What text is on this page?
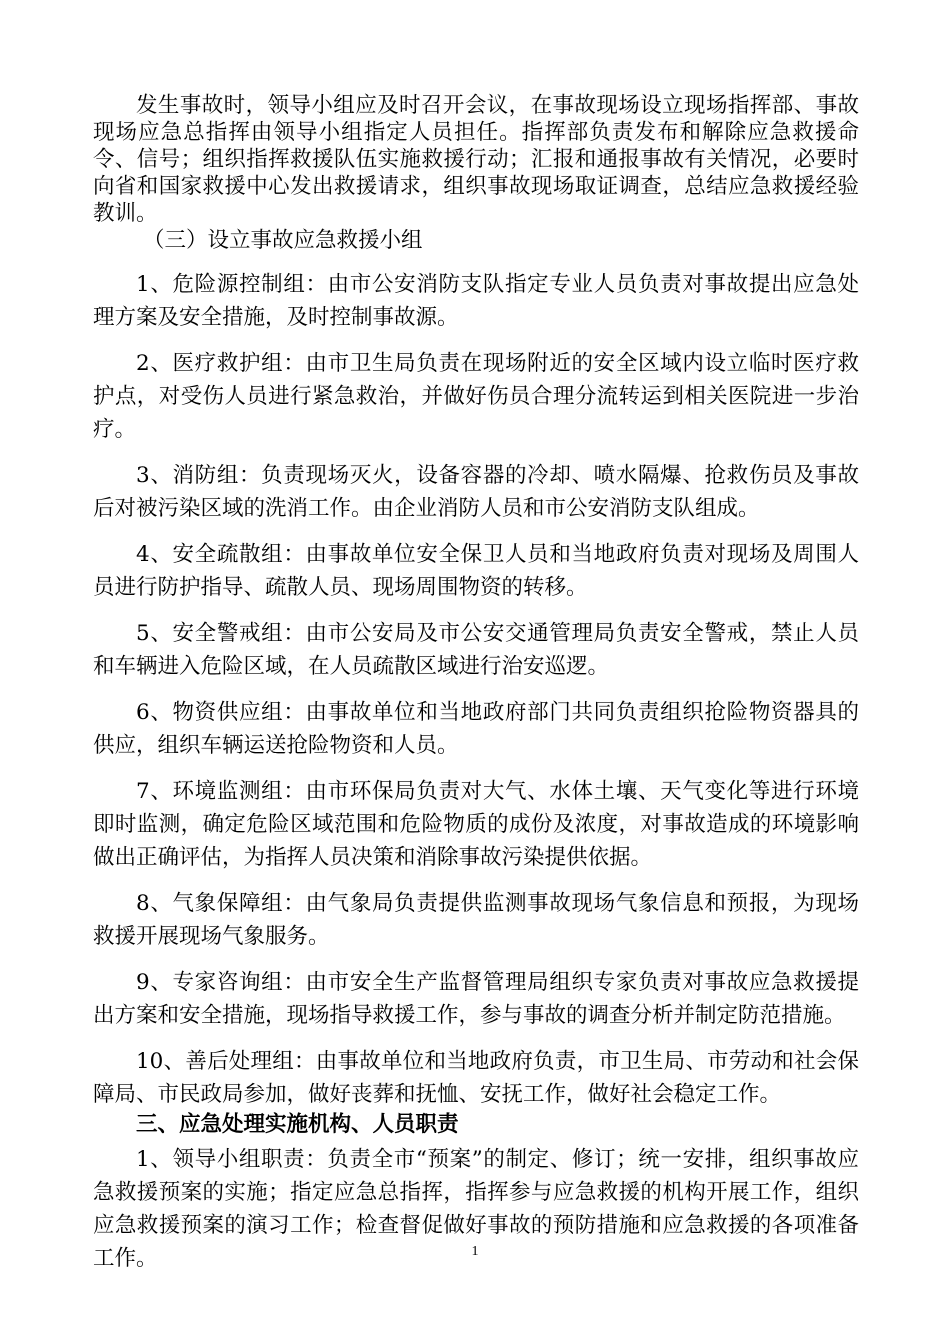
发生事故时，领导小组应及时召开会议，在事故现场设立现场指挥部、事故现场应急总指挥由领导小组指定人员担任。指挥部负责发布和解除应急救援命令、信号；组织指挥救援队伍实施救援行动；汇报和通报事故有关情况，必要时向省和国家救援中心发出救援请求，组织事故现场取证调查，总结应急救援经验教训。

（三）设立事故应急救援小组

1、危险源控制组：由市公安消防支队指定专业人员负责对事故提出应急处理方案及安全措施，及时控制事故源。

2、医疗救护组：由市卫生局负责在现场附近的安全区域内设立临时医疗救护点，对受伤人员进行紧急救治，并做好伤员合理分流转运到相关医院进一步治疗。

3、消防组：负责现场灭火，设备容器的冷却、喷水隔爆、抢救伤员及事故后对被污染区域的洗消工作。由企业消防人员和市公安消防支队组成。

4、安全疏散组：由事故单位安全保卫人员和当地政府负责对现场及周围人员进行防护指导、疏散人员、现场周围物资的转移。

5、安全警戒组：由市公安局及市公安交通管理局负责安全警戒，禁止人员和车辆进入危险区域，在人员疏散区域进行治安巡逻。

6、物资供应组：由事故单位和当地政府部门共同负责组织抢险物资器具的供应，组织车辆运送抢险物资和人员。

7、环境监测组：由市环保局负责对大气、水体土壤、天气变化等进行环境即时监测，确定危险区域范围和危险物质的成份及浓度，对事故造成的环境影响做出正确评估，为指挥人员决策和消除事故污染提供依据。

8、气象保障组：由气象局负责提供监测事故现场气象信息和预报，为现场救援开展现场气象服务。

9、专家咨询组：由市安全生产监督管理局组织专家负责对事故应急救援提出方案和安全措施，现场指导救援工作，参与事故的调查分析并制定防范措施。

10、善后处理组：由事故单位和当地政府负责，市卫生局、市劳动和社会保障局、市民政局参加，做好丧葬和抚恤、安抚工作，做好社会稳定工作。

三、应急处理实施机构、人员职责

1、领导小组职责：负责全市“预案”的制定、修订；统一安排，组织事故应急救援预案的实施；指定应急总指挥，指挥参与应急救援的机构开展工作，组织应急救援预案的演习工作；检查督促做好事故的预防措施和应急救援的各项准备工作。	1
